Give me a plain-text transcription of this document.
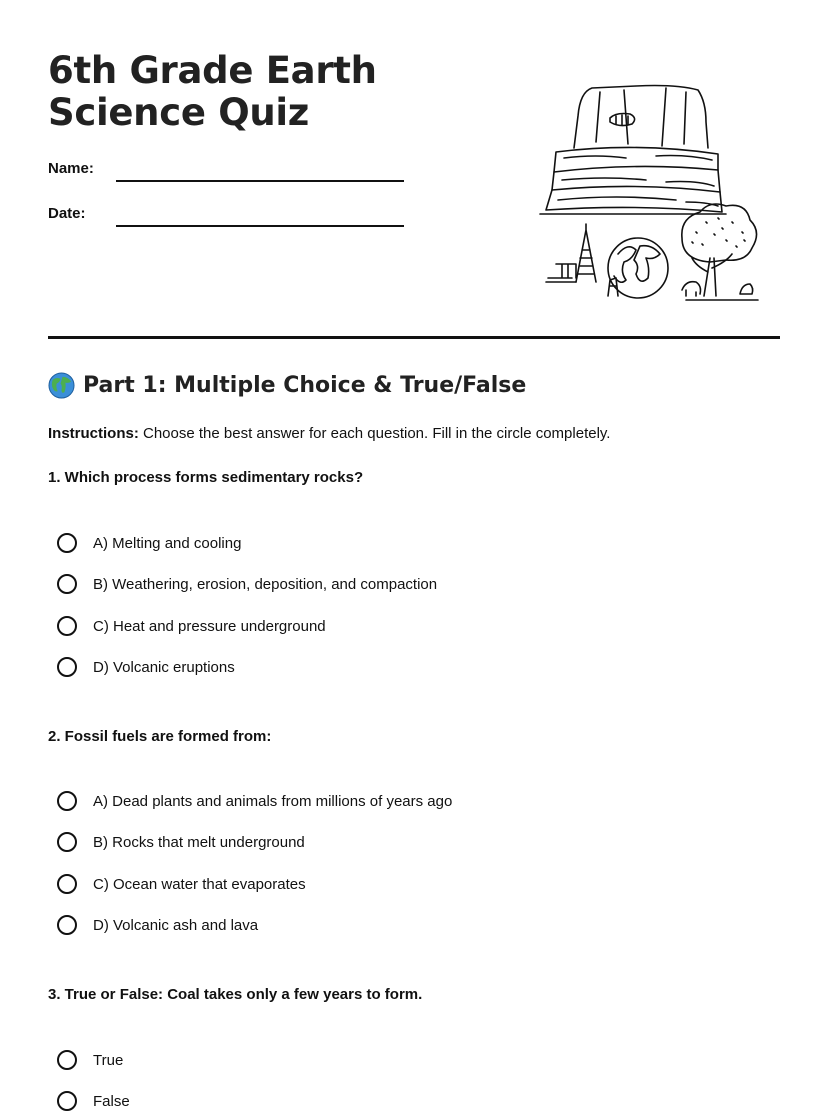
6th Grade Earth Science Quiz
Name:
Date:
Part 1: Multiple Choice & True/False
Instructions: Choose the best answer for each question. Fill in the circle completely.
1. Which process forms sedimentary rocks?
A) Melting and cooling
B) Weathering, erosion, deposition, and compaction
C) Heat and pressure underground
D) Volcanic eruptions
2. Fossil fuels are formed from:
A) Dead plants and animals from millions of years ago
B) Rocks that melt underground
C) Ocean water that evaporates
D) Volcanic ash and lava
3. True or False: Coal takes only a few years to form.
True
False
